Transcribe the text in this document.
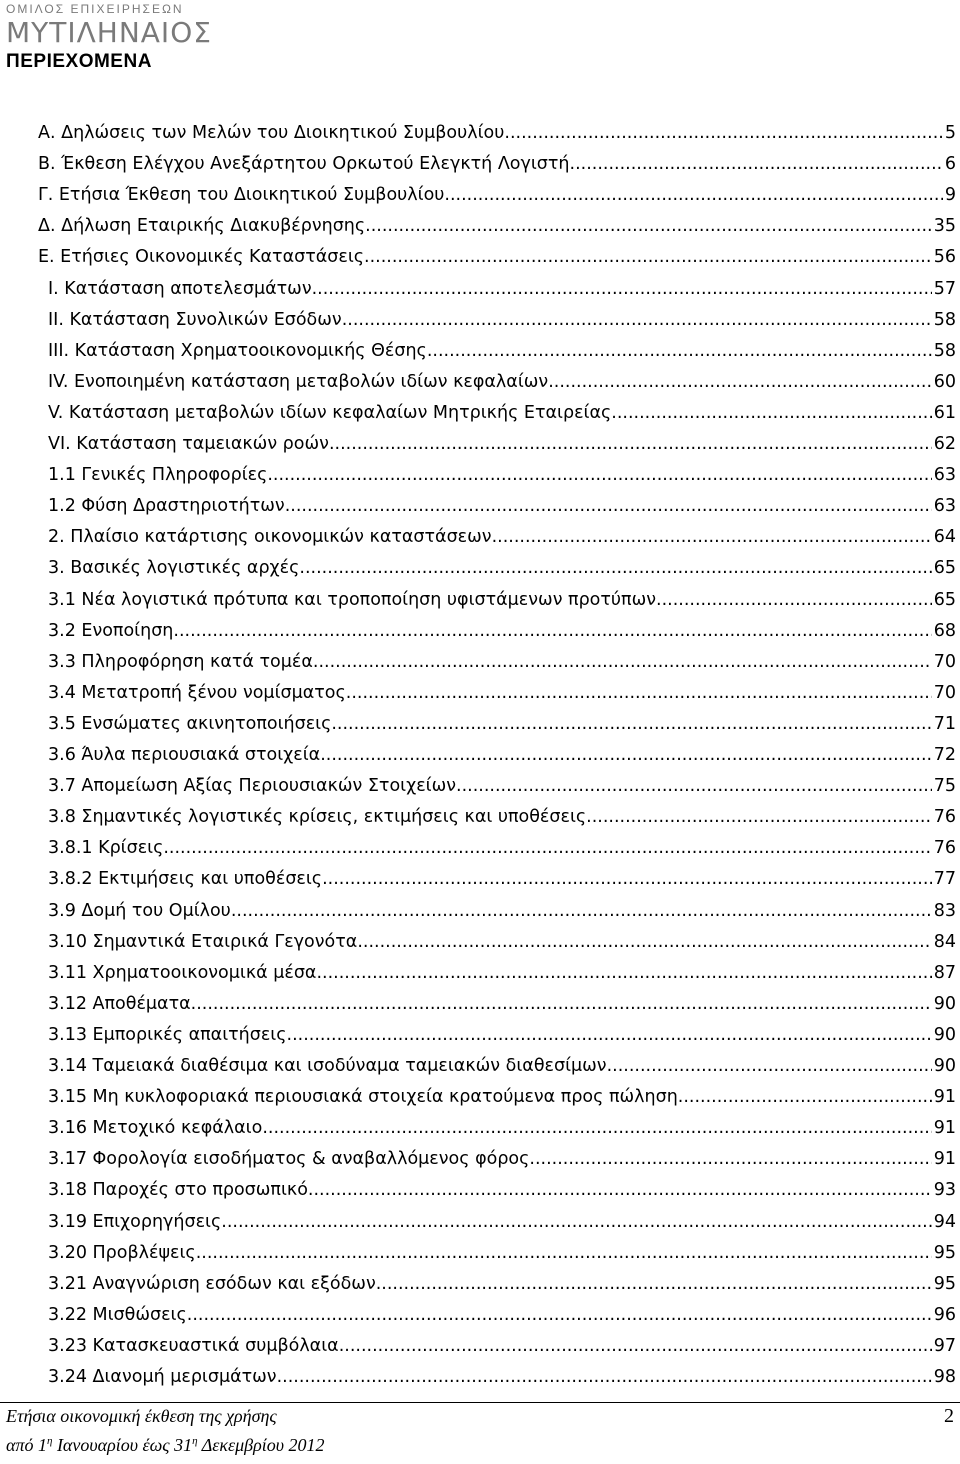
ΟΜΙΛΟΣ ΕΠΙΧΕΙΡΗΣΕΩΝ
ΜΥΤΙΛΗΝΑΙΟΣ
ΠΕΡΙΕΧΟΜΕΝΑ
Α. Δηλώσεις των Μελών του Διοικητικού Συμβουλίου .....	5
Β. Έκθεση Ελέγχου Ανεξάρτητου Ορκωτού Ελεγκτή Λογιστή .....	6
Γ. Ετήσια Έκθεση του Διοικητικού Συμβουλίου .....	9
Δ. Δήλωση Εταιρικής Διακυβέρνησης .....	35
Ε. Ετήσιες Οικονομικές Καταστάσεις .....	56
I. Κατάσταση αποτελεσμάτων .....	57
II. Κατάσταση Συνολικών Εσόδων .....	58
III. Κατάσταση Χρηματοοικονομικής Θέσης .....	58
IV. Ενοποιημένη κατάσταση μεταβολών ιδίων κεφαλαίων .....	60
V. Κατάσταση μεταβολών ιδίων κεφαλαίων Μητρικής Εταιρείας .....	61
VI. Κατάσταση ταμειακών ροών .....	62
1.1 Γενικές Πληροφορίες .....	63
1.2 Φύση Δραστηριοτήτων .....	63
2. Πλαίσιο κατάρτισης οικονομικών καταστάσεων .....	64
3. Βασικές λογιστικές αρχές .....	65
3.1 Νέα λογιστικά πρότυπα και τροποποίηση υφιστάμενων προτύπων .....	65
3.2 Ενοποίηση .....	68
3.3 Πληροφόρηση κατά τομέα .....	70
3.4 Μετατροπή ξένου νομίσματος .....	70
3.5 Ενσώματες ακινητοποιήσεις .....	71
3.6 Άυλα περιουσιακά στοιχεία .....	72
3.7 Απομείωση Αξίας Περιουσιακών Στοιχείων .....	75
3.8 Σημαντικές λογιστικές κρίσεις, εκτιμήσεις και υποθέσεις .....	76
3.8.1 Κρίσεις .....	76
3.8.2 Εκτιμήσεις και υποθέσεις .....	77
3.9 Δομή του Ομίλου .....	83
3.10 Σημαντικά Εταιρικά Γεγονότα .....	84
3.11 Χρηματοοικονομικά μέσα .....	87
3.12 Αποθέματα .....	90
3.13 Εμπορικές απαιτήσεις .....	90
3.14 Ταμειακά διαθέσιμα και ισοδύναμα ταμειακών διαθεσίμων .....	90
3.15 Μη κυκλοφοριακά περιουσιακά στοιχεία κρατούμενα προς πώληση .....	91
3.16 Μετοχικό κεφάλαιο .....	91
3.17 Φορολογία εισοδήματος & αναβαλλόμενος φόρος .....	91
3.18 Παροχές στο προσωπικό .....	93
3.19 Επιχορηγήσεις .....	94
3.20 Προβλέψεις .....	95
3.21 Αναγνώριση εσόδων και εξόδων .....	95
3.22 Μισθώσεις .....	96
3.23 Κατασκευαστικά συμβόλαια .....	97
3.24 Διανομή μερισμάτων .....	98
Ετήσια οικονομική έκθεση της χρήσης	2
από $1^\eta$ Ιανουαρίου έως $31^\eta$ Δεκεμβρίου 2012
